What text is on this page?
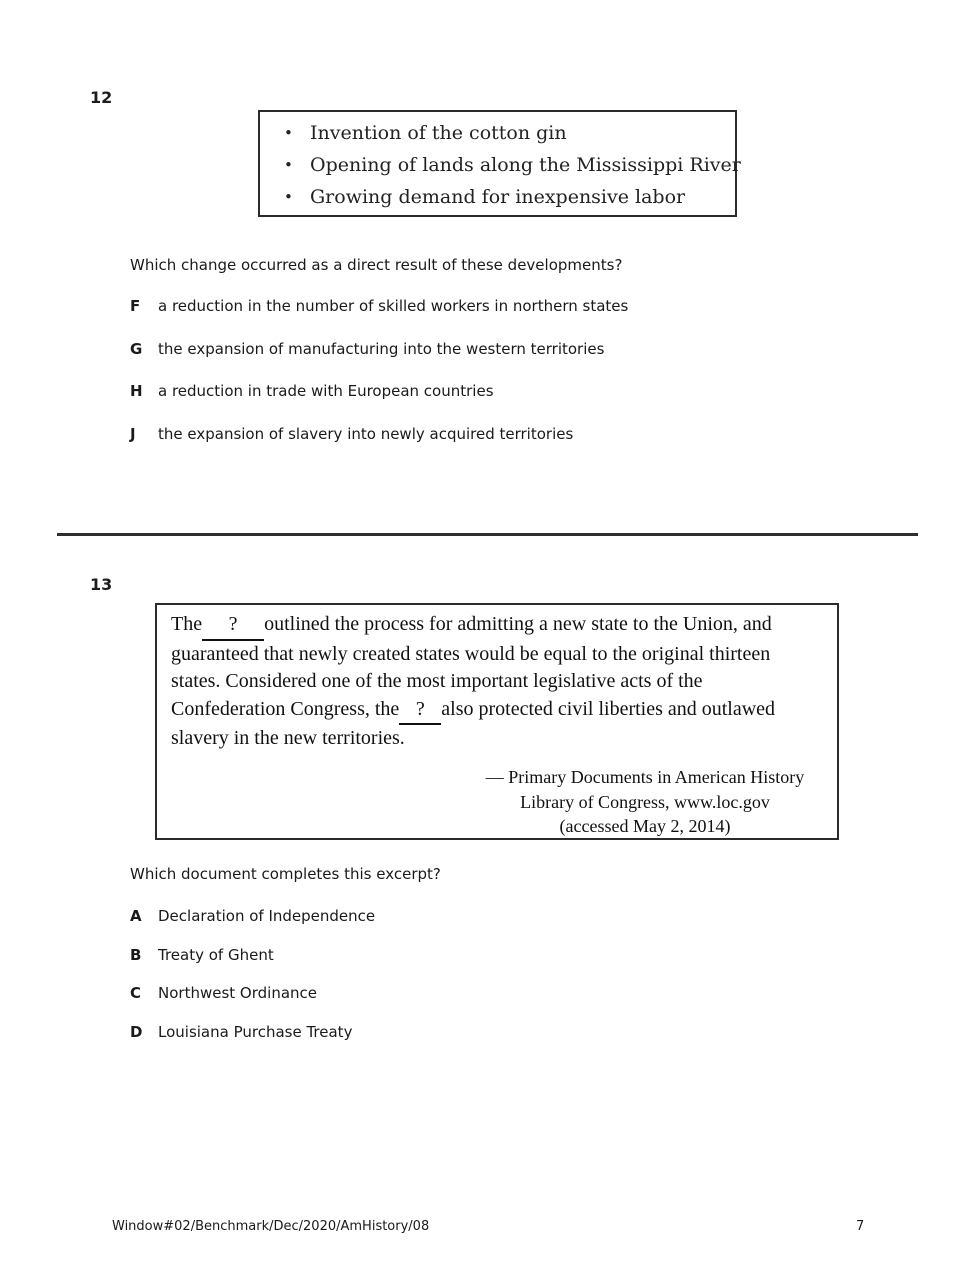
12
• Invention of the cotton gin
• Opening of lands along the Mississippi River
• Growing demand for inexpensive labor
Which change occurred as a direct result of these developments?
F	a reduction in the number of skilled workers in northern states
G	the expansion of manufacturing into the western territories
H	a reduction in trade with European countries
J	the expansion of slavery into newly acquired territories
13

The ? outlined the process for admitting a new state to the Union, and guaranteed that newly created states would be equal to the original thirteen states. Considered one of the most important legislative acts of the Confederation Congress, the ? also protected civil liberties and outlawed slavery in the new territories.

— Primary Documents in American History
Library of Congress, www.loc.gov
(accessed May 2, 2014)
Which document completes this excerpt?
A	Declaration of Independence
B	Treaty of Ghent
C	Northwest Ordinance
D	Louisiana Purchase Treaty
Window#02/Benchmark/Dec/2020/AmHistory/08	7
